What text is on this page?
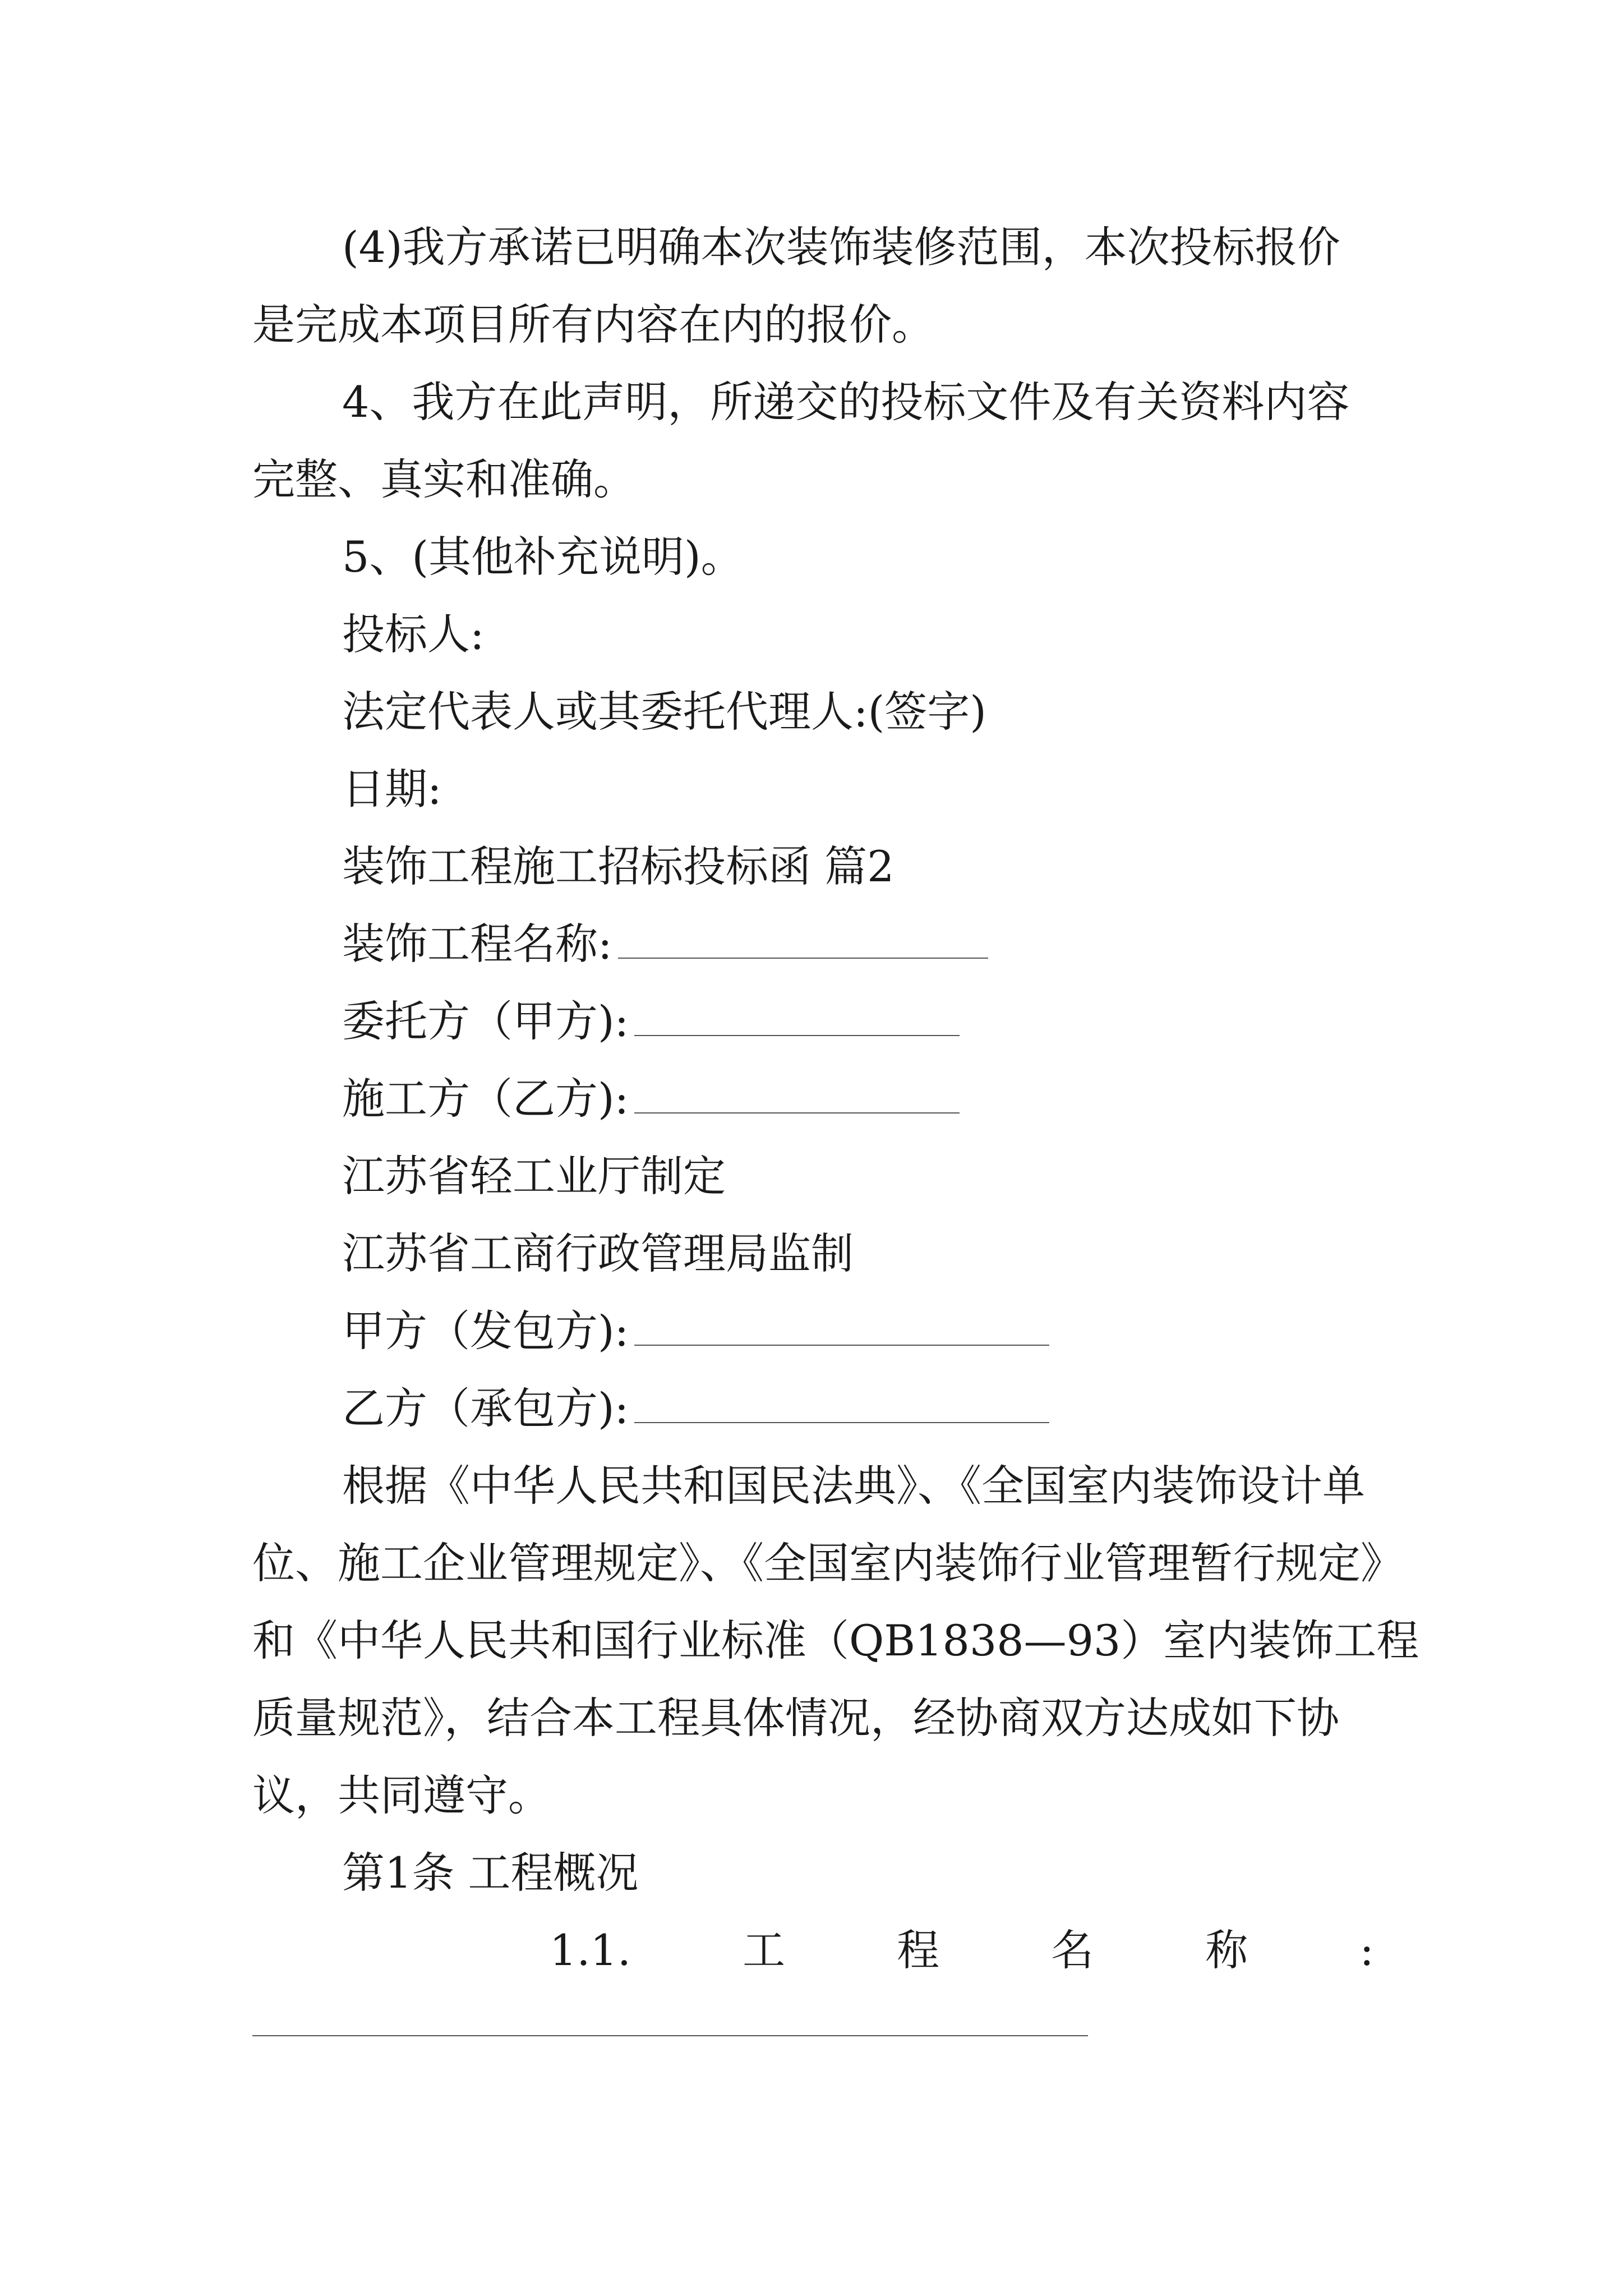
(4)我方承诺已明确本次装饰装修范围，本次投标报价

是完成本项目所有内容在内的报价。

4、我方在此声明，所递交的投标文件及有关资料内容

完整、真实和准确。

5、(其他补充说明)。

投标人:

法定代表人或其委托代理人:(签字)

日期:

装饰工程施工招标投标函 篇2

装饰工程名称:

委托方（甲方):

施工方（乙方):

江苏省轻工业厅制定

江苏省工商行政管理局监制

甲方（发包方):

乙方（承包方):

根据《中华人民共和国民法典》、《全国室内装饰设计单

位、施工企业管理规定》、《全国室内装饰行业管理暂行规定》

和《中华人民共和国行业标准（QB1838—93）室内装饰工程

质量规范》，结合本工程具体情况，经协商双方达成如下协

议，共同遵守。

第1条 工程概况

1.1.	工	程	名	称	:
